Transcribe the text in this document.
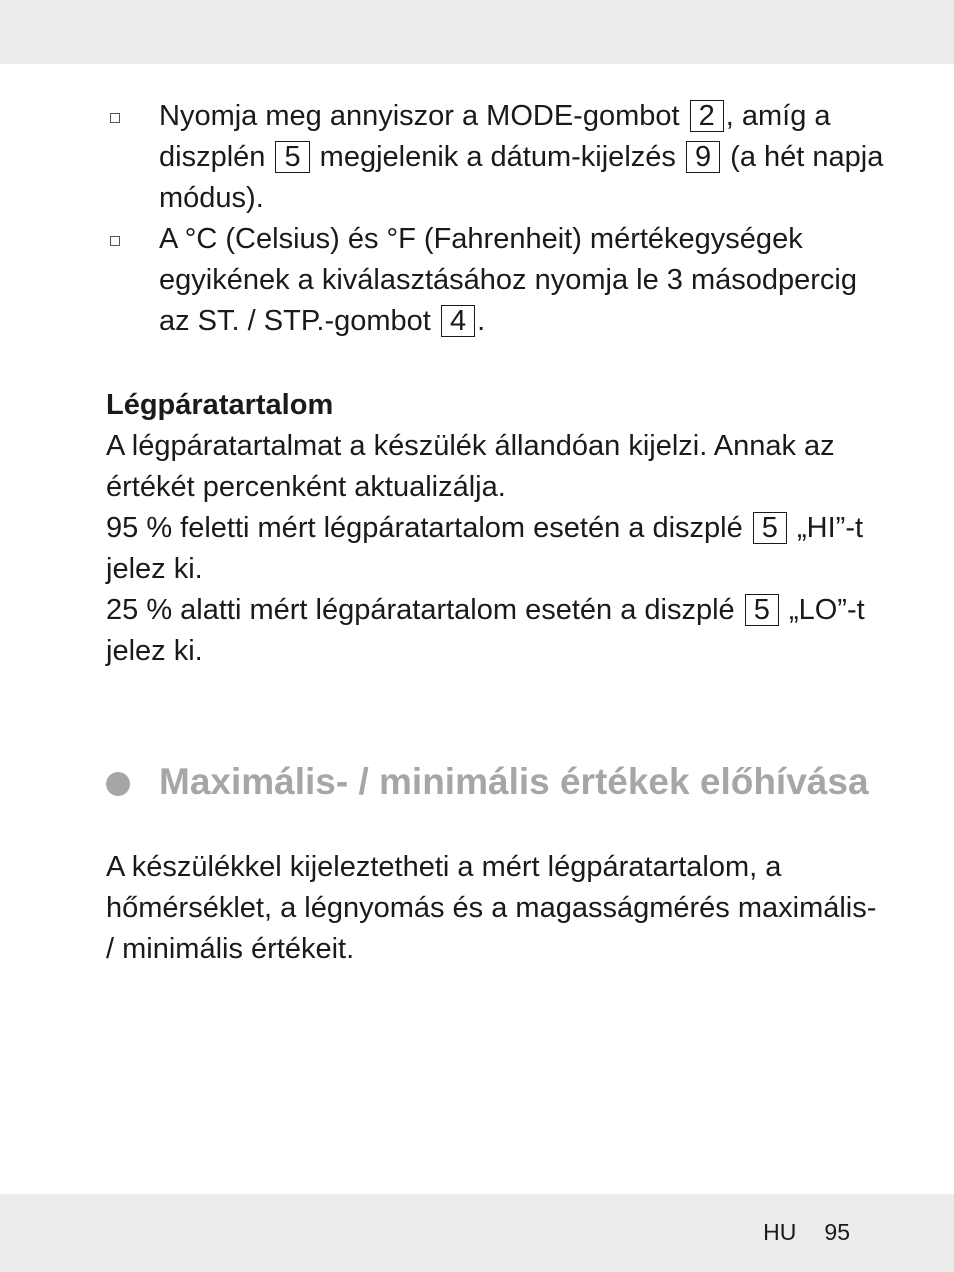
Nyomja meg annyiszor a MODE-gombot 2 , amíg a diszplén 5 megjelenik a dátum-kijelzés 9 (a hét napja módus).

A °C (Celsius) és °F (Fahrenheit) mértékegységek egyikének a kiválasztásához nyomja le 3 másodpercig az ST. / STP.-gombot 4 .

Légpáratartalom

A légpáratartalmat a készülék állandóan kijelzi. Annak az értékét percenként aktualizálja.

95 % feletti mért légpáratartalom esetén a diszplé 5 „HI”-t jelez ki.

25 % alatti mért légpáratartalom esetén a diszplé 5 „LO”-t jelez ki.

Maximális- / minimális értékek előhívása

A készülékkel kijeleztetheti a mért légpáratartalom, a hőmérséklet, a légnyomás és a magasságmérés maximális- / minimális értékeit.

HU 95
